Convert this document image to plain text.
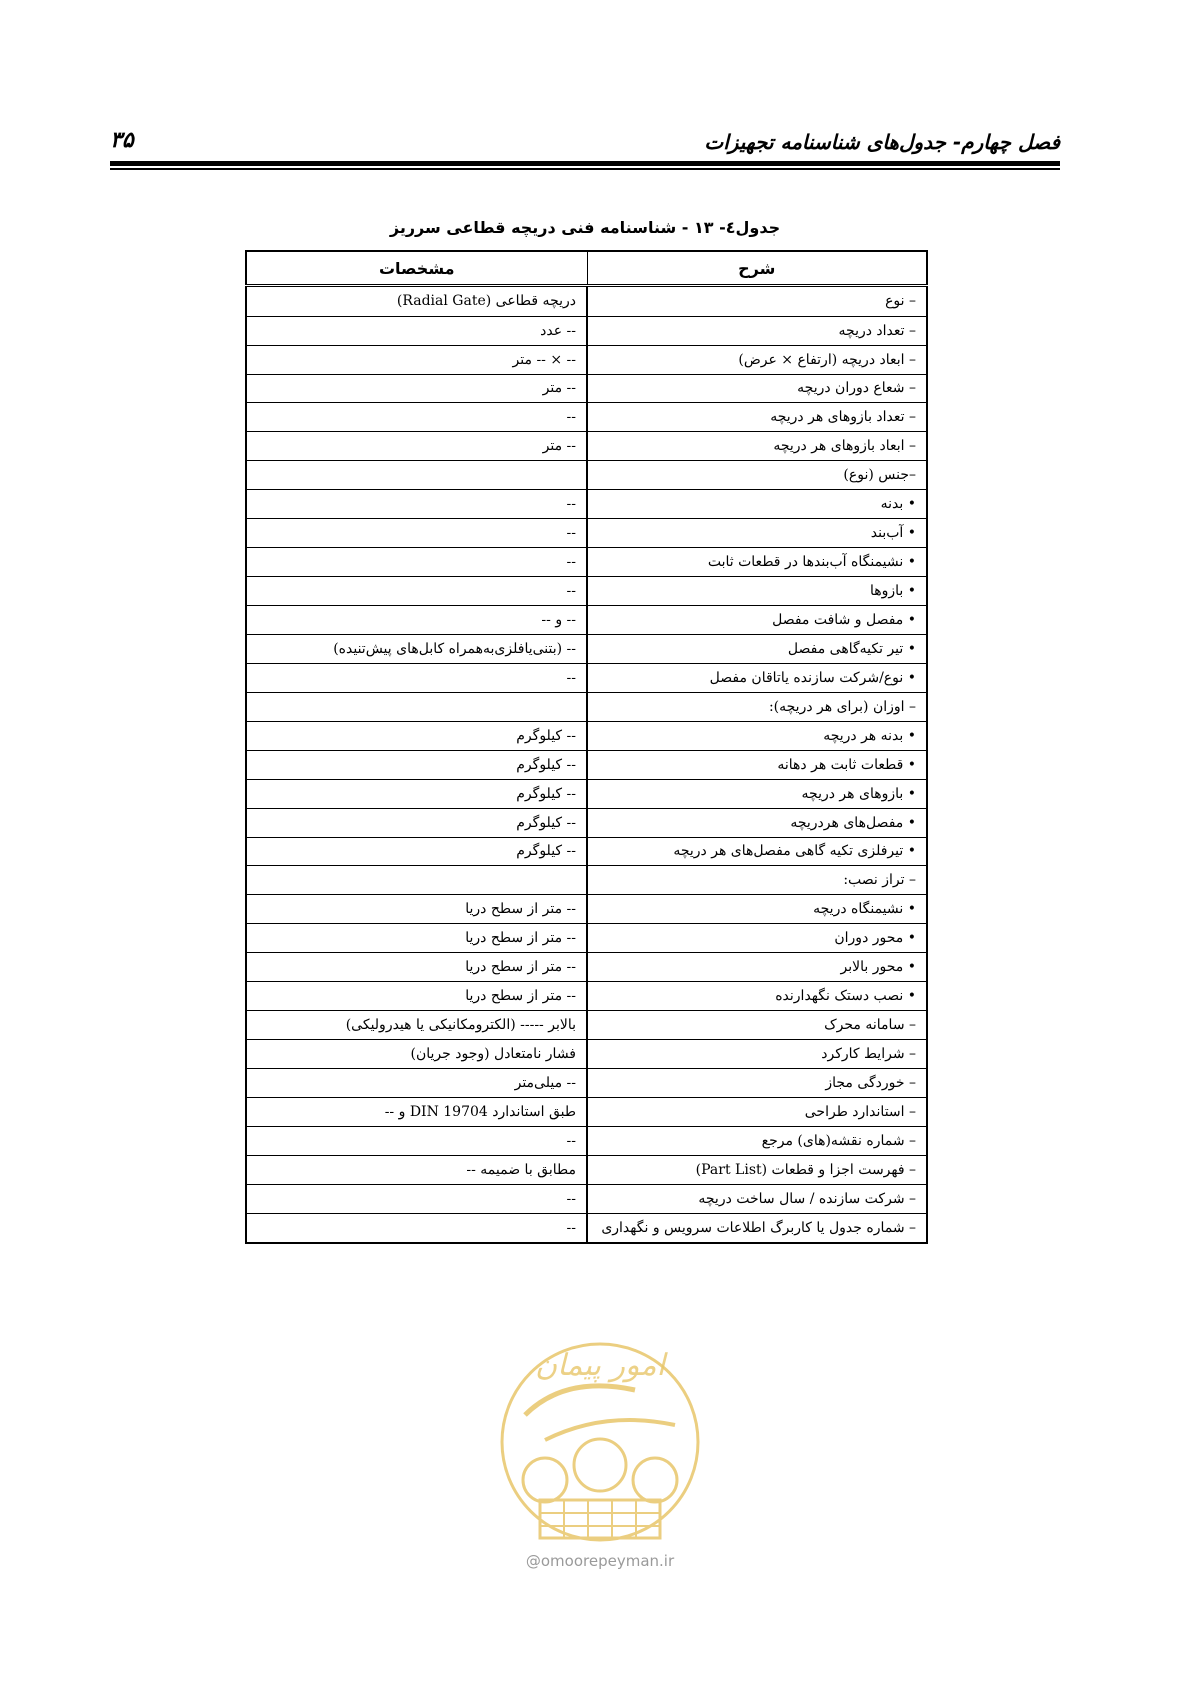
فصل چهارم- جدول‌های شناسنامه تجهیزات
۳۵
جدول٤- ١٣ - شناسنامه فنی دریچه قطاعی سرریز
شرح	مشخصات
– نوع	دریچه قطاعی (Radial Gate)
– تعداد دریچه	-- عدد
– ابعاد دریچه (ارتفاع × عرض)	-- × -- متر
– شعاع دوران دریچه	-- متر
– تعداد بازوهای هر دریچه	--
– ابعاد بازوهای هر دریچه	-- متر
–جنس (نوع)	
• بدنه	--
• آب‌بند	--
• نشیمنگاه آب‌بندها در قطعات ثابت	--
• بازوها	--
• مفصل و شافت مفصل	-- و --
• تیر تکیه‌گاهی مفصل	-- (بتنی‌یافلزی‌به‌همراه کابل‌های پیش‌تنیده)
• نوع/شرکت سازنده یاتاقان مفصل	--
– اوزان (برای هر دریچه):	
• بدنه هر دریچه	-- کیلوگرم
• قطعات ثابت هر دهانه	-- کیلوگرم
• بازوهای هر دریچه	-- کیلوگرم
• مفصل‌های هردریچه	-- کیلوگرم
• تیرفلزی تکیه گاهی مفصل‌های هر دریچه	-- کیلوگرم
– تراز نصب:	
• نشیمنگاه دریچه	-- متر از سطح دریا
• محور دوران	-- متر از سطح دریا
• محور بالابر	-- متر از سطح دریا
• نصب دستک نگهدارنده	-- متر از سطح دریا
– سامانه محرک	بالابر ----- (الکترومکانیکی یا هیدرولیکی)
– شرایط کارکرد	فشار نامتعادل (وجود جریان)
– خوردگی مجاز	-- میلی‌متر
– استاندارد طراحی	طبق استاندارد DIN 19704 و --
– شماره نقشه(های) مرجع	--
– فهرست اجزا و قطعات (Part List)	مطابق با ضمیمه --
– شرکت سازنده / سال ساخت دریچه	--
– شماره جدول یا کاربرگ اطلاعات سرویس و نگهداری	--
امور پیمان
@omoorepeyman.ir
